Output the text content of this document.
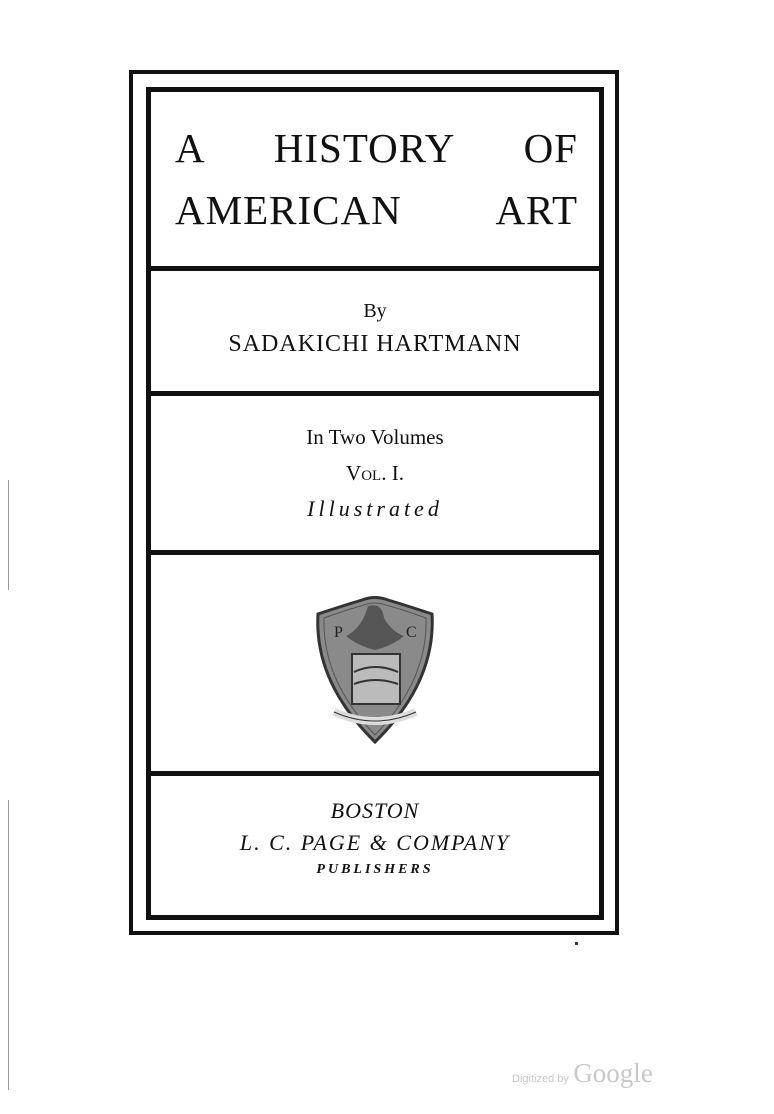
A HISTORY OF
AMERICAN ART
By
SADAKICHI HARTMANN
In Two Volumes
VOL. I.
Illustrated
P	C
BOSTON
L. C. PAGE & COMPANY
PUBLISHERS
Digitized by Google
